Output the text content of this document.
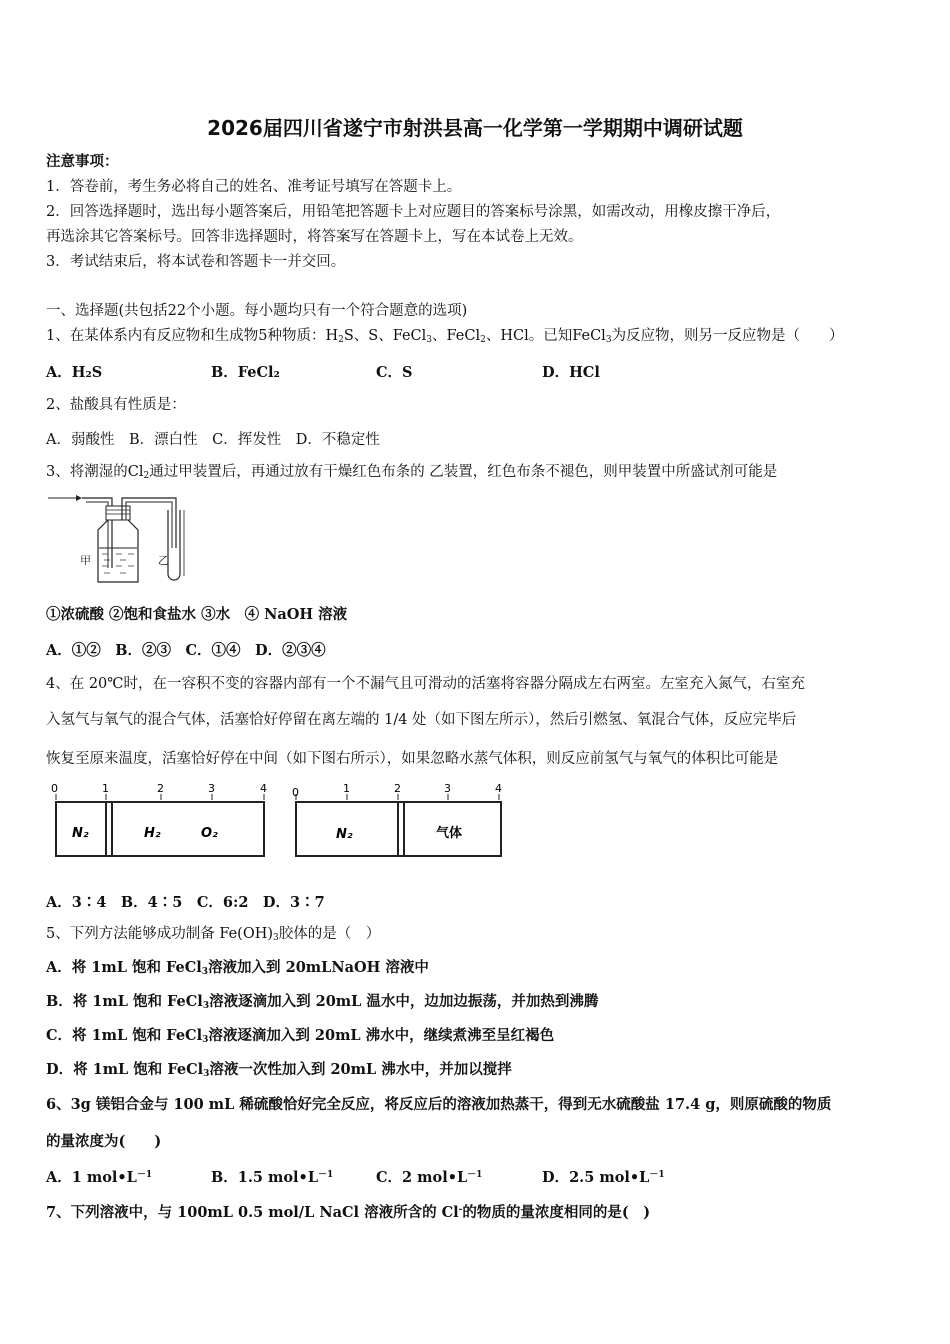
2026届四川省遂宁市射洪县高一化学第一学期期中调研试题
注意事项：
1．答卷前，考生务必将自己的姓名、准考证号填写在答题卡上。
2．回答选择题时，选出每小题答案后，用铅笔把答题卡上对应题目的答案标号涂黑，如需改动，用橡皮擦干净后，
再选涂其它答案标号。回答非选择题时，将答案写在答题卡上，写在本试卷上无效。
3．考试结束后，将本试卷和答题卡一并交回。
一、选择题(共包括22个小题。每小题均只有一个符合题意的选项)
1、在某体系内有反应物和生成物5种物质：$H_2S$、S、FeCl$_3$、FeCl$_2$、HCl。已知FeCl$_3$为反应物，则另一反应物是（　　）
A．H₂S	B．FeCl₂	C．S	D．HCl
2、盐酸具有性质是：
A．弱酸性　B．漂白性　C．挥发性　D．不稳定性
3、将潮湿的$Cl_2$通过甲装置后，再通过放有干燥红色布条的 乙装置，红色布条不褪色，则甲装置中所盛试剂可能是
甲	乙
①浓硫酸 ②饱和食盐水 ③水　④ NaOH 溶液
A．①②　B．②③　C．①④　D．②③④
4、在 20℃时，在一容积不变的容器内部有一个不漏气且可滑动的活塞将容器分隔成左右两室。左室充入氮气，右室充
入氢气与氧气的混合气体，活塞恰好停留在离左端的 1/4 处（如下图左所示），然后引燃氢、氧混合气体，反应完毕后
恢复至原来温度，活塞恰好停在中间（如下图右所示），如果忽略水蒸气体积，则反应前氢气与氧气的体积比可能是
0	1	2	3	4
N₂	H₂	O₂
0	1	2	3	4
N₂	气体
A．3∶4　B．4∶5　C．6:2　D．3∶7
5、下列方法能够成功制备 $Fe(OH)_3$胶体的是（　）
A．将 1mL 饱和 FeCl$_3$溶液加入到 20mLNaOH 溶液中
B．将 1mL 饱和 FeCl$_3$溶液逐滴加入到 20mL 温水中，边加边振荡，并加热到沸腾
C．将 1mL 饱和 FeCl$_3$溶液逐滴加入到 20mL 沸水中，继续煮沸至呈红褐色
D．将 1mL 饱和 FeCl$_3$溶液一次性加入到 20mL 沸水中，并加以搅拌
6、3g 镁铝合金与 100 mL 稀硫酸恰好完全反应，将反应后的溶液加热蒸干，得到无水硫酸盐 17.4 g，则原硫酸的物质
的量浓度为(　　)
A．1 $mol•L^{-1}$	B．1.5 $mol•L^{-1}$	C．2 $mol•L^{-1}$	D．2.5 $mol•L^{-1}$
7、下列溶液中，与 100mL 0.5 mol/L NaCl 溶液所含的 Cl-的物质的量浓度相同的是(　)
